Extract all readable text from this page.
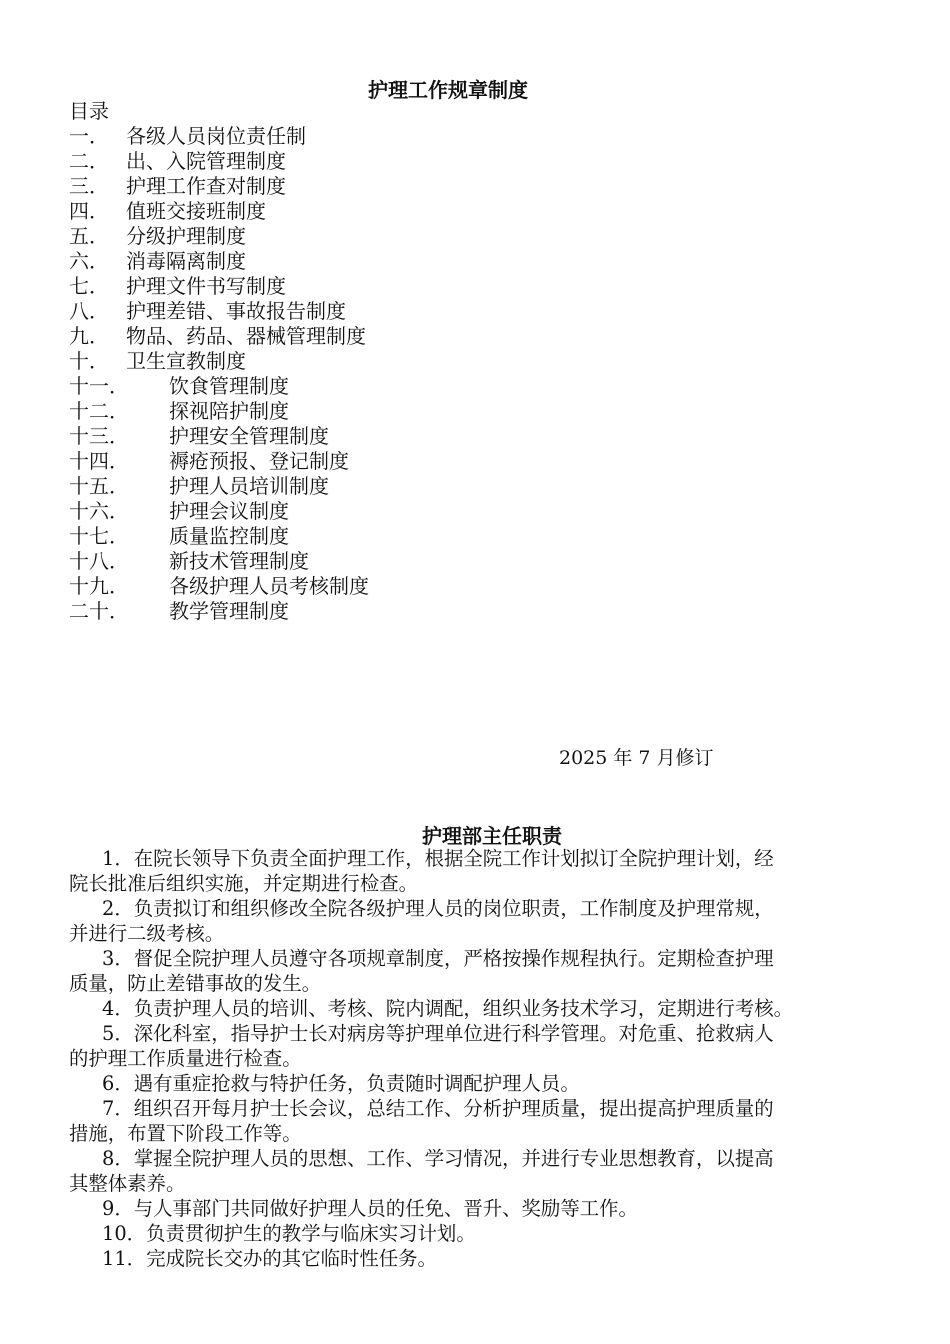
护理工作规章制度
目录
一． 各级人员岗位责任制
二． 出、入院管理制度
三． 护理工作查对制度
四． 值班交接班制度
五． 分级护理制度
六． 消毒隔离制度
七． 护理文件书写制度
八． 护理差错、事故报告制度
九． 物品、药品、器械管理制度
十． 卫生宣教制度
十一． 饮食管理制度
十二． 探视陪护制度
十三． 护理安全管理制度
十四． 褥疮预报、登记制度
十五． 护理人员培训制度
十六． 护理会议制度
十七． 质量监控制度
十八． 新技术管理制度
十九． 各级护理人员考核制度
二十． 教学管理制度
2025 年 7 月修订
护理部主任职责
1．在院长领导下负责全面护理工作，根据全院工作计划拟订全院护理计划，经
院长批准后组织实施，并定期进行检查。
2．负责拟订和组织修改全院各级护理人员的岗位职责，工作制度及护理常规，
并进行二级考核。
3．督促全院护理人员遵守各项规章制度，严格按操作规程执行。定期检查护理
质量，防止差错事故的发生。
4．负责护理人员的培训、考核、院内调配，组织业务技术学习，定期进行考核。
5．深化科室，指导护士长对病房等护理单位进行科学管理。对危重、抢救病人
的护理工作质量进行检查。
6．遇有重症抢救与特护任务，负责随时调配护理人员。
7．组织召开每月护士长会议，总结工作、分析护理质量，提出提高护理质量的
措施，布置下阶段工作等。
8．掌握全院护理人员的思想、工作、学习情况，并进行专业思想教育，以提高
其整体素养。
9．与人事部门共同做好护理人员的任免、晋升、奖励等工作。
10．负责贯彻护生的教学与临床实习计划。
11．完成院长交办的其它临时性任务。
